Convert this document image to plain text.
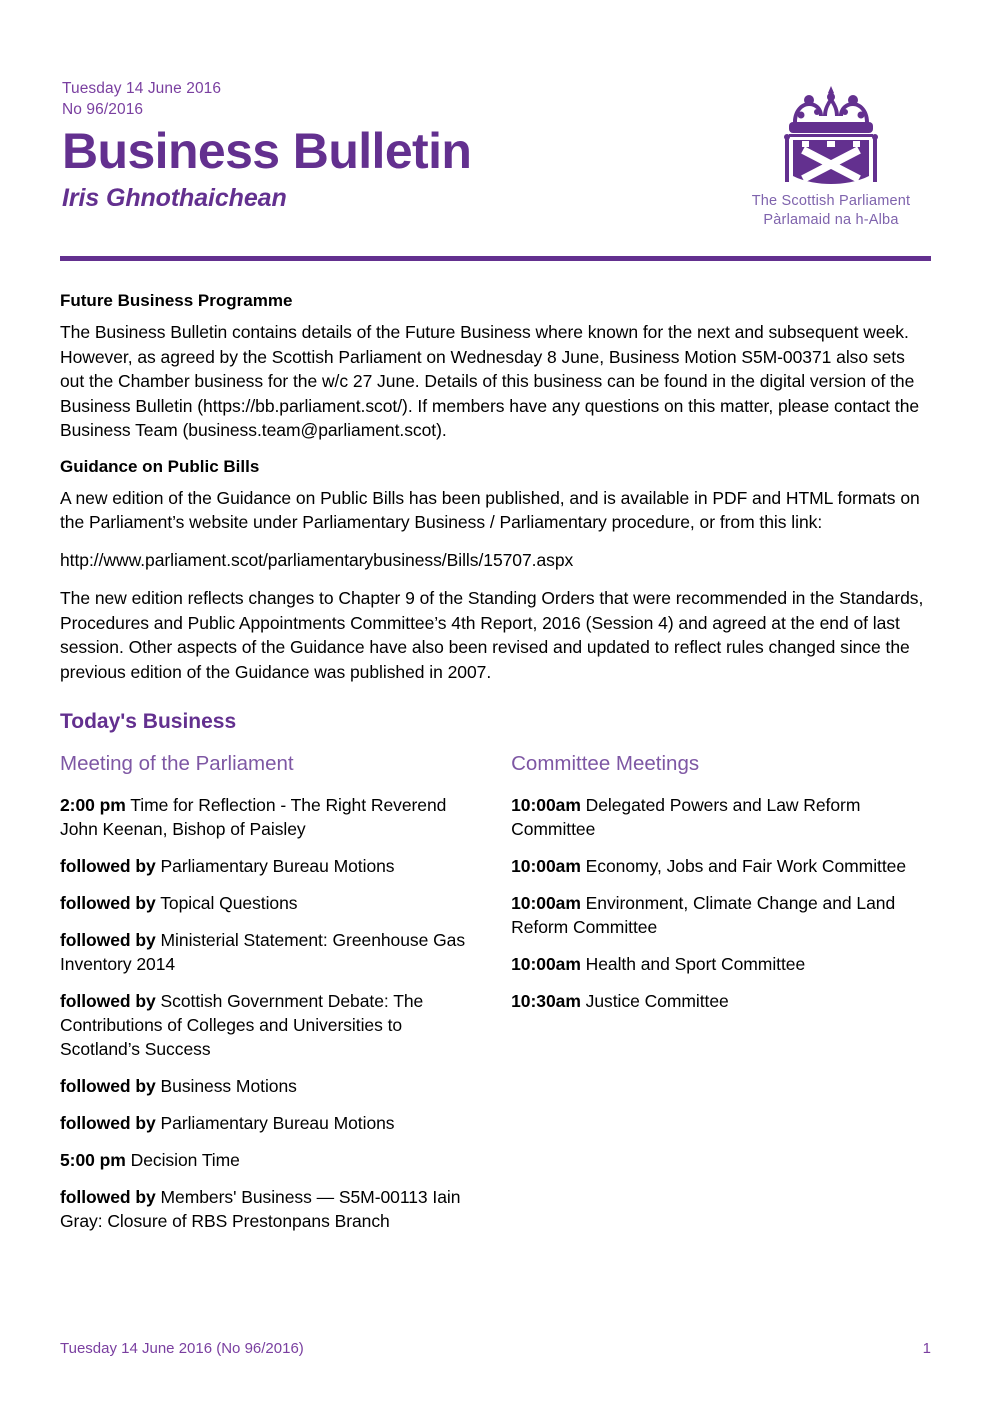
Tuesday 14 June 2016
No 96/2016
Business Bulletin
Iris Ghnothaichean	The Scottish Parliament
Pàrlamaid na h-Alba
Future Business Programme

The Business Bulletin contains details of the Future Business where known for the next and subsequent week. However, as agreed by the Scottish Parliament on Wednesday 8 June, Business Motion S5M-00371 also sets out the Chamber business for the w/c 27 June. Details of this business can be found in the digital version of the Business Bulletin (https://bb.parliament.scot/). If members have any questions on this matter, please contact the Business Team (business.team@parliament.scot).

Guidance on Public Bills

A new edition of the Guidance on Public Bills has been published, and is available in PDF and HTML formats on the Parliament’s website under Parliamentary Business / Parliamentary procedure, or from this link:

http://www.parliament.scot/parliamentarybusiness/Bills/15707.aspx

The new edition reflects changes to Chapter 9 of the Standing Orders that were recommended in the Standards, Procedures and Public Appointments Committee’s 4th Report, 2016 (Session 4) and agreed at the end of last session. Other aspects of the Guidance have also been revised and updated to reflect rules changed since the previous edition of the Guidance was published in 2007.

Today's Business
Meeting of the Parliament

2:00 pm Time for Reflection - The Right Reverend John Keenan, Bishop of Paisley

followed by Parliamentary Bureau Motions

followed by Topical Questions

followed by Ministerial Statement: Greenhouse Gas Inventory 2014

followed by Scottish Government Debate: The Contributions of Colleges and Universities to Scotland’s Success

followed by Business Motions

followed by Parliamentary Bureau Motions

5:00 pm Decision Time

followed by Members' Business — S5M-00113 Iain Gray: Closure of RBS Prestonpans Branch

Committee Meetings

10:00am Delegated Powers and Law Reform Committee

10:00am Economy, Jobs and Fair Work Committee

10:00am Environment, Climate Change and Land Reform Committee

10:00am Health and Sport Committee

10:30am Justice Committee

Tuesday 14 June 2016 (No 96/2016)	1
